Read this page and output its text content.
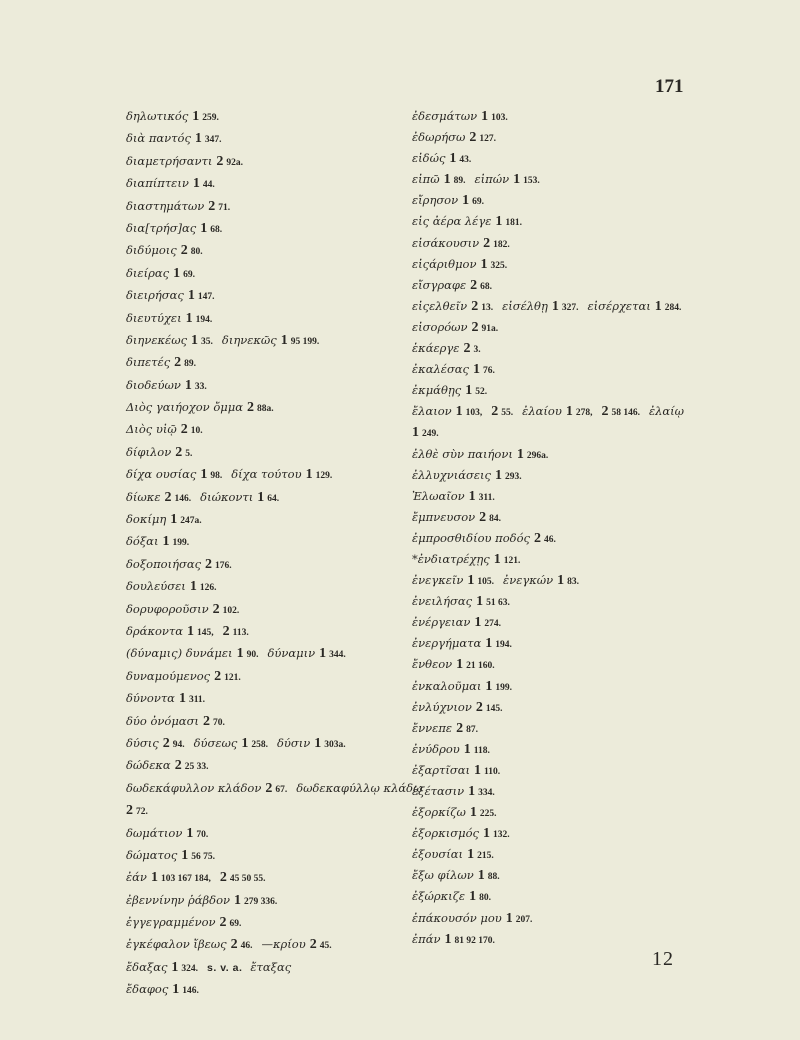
171
δηλωτικός 1 259.
διὰ παντός 1 347.
διαμετρήσαντι 2 92a.
διαπίπτειν 1 44.
διαστημάτων 2 71.
δια[τρήσ]ας 1 68.
διδύμοις 2 80.
διείρας 1 69.
διειρήσας 1 147.
διευτύχει 1 194.
διηνεκέως 1 35. διηνεκῶς 1 95 199.
διπετές 2 89.
διοδεύων 1 33.
Διὸς γαιήοχον ὄμμα 2 88a.
Διὸς υἱῷ 2 10.
δίφιλον 2 5.
δίχα ουσίας 1 98. δίχα τούτου 1 129.
δίωκε 2 146. διώκοντι 1 64.
δοκίμη 1 247a.
δόξαι 1 199.
δοξοποιήσας 2 176.
δουλεύσει 1 126.
δορυφοροῦσιν 2 102.
δράκοντα 1 145, 2 113.
(δύναμις) δυνάμει 1 90. δύναμιν 1 344.
δυναμούμενος 2 121.
δύνοντα 1 311.
δύο ὀνόμασι 2 70.
δύσις 2 94. δύσεως 1 258. δύσιν 1 303a.
δώδεκα 2 25 33.
δωδεκάφυλλον κλάδον 2 67. δωδεκαφύλλῳ κλάδῳ
2 72.
δωμάτιον 1 70.
δώματος 1 56 75.
ἐάν 1 103 167 184, 2 45 50 55.
ἐβεννίνην ῥάβδον 1 279 336.
ἐγγεγραμμένον 2 69.
ἐγκέφαλον ἴβεως 2 46. —κρίου 2 45.
ἔδαξας 1 324. s. v. a. ἔταξας
ἔδαφος 1 146.
ἐδεσμάτων 1 103.
ἐδωρήσω 2 127.
εἰδώς 1 43.
εἰπῶ 1 89. εἰπών 1 153.
εἴρησον 1 69.
εἰς ἀέρα λέγε 1 181.
εἰσάκουσιν 2 182.
εἰςάριθμον 1 325.
εἴσγραφε 2 68.
εἰςελθεῖν 2 13. εἰσέλθῃ 1 327. εἰσέρχεται 1 284.
εἰσορόων 2 91a.
ἑκάεργε 2 3.
ἐκαλέσας 1 76.
ἐκμάθῃς 1 52.
ἔλαιον 1 103, 2 55. ἐλαίου 1 278, 2 58 146. ἐλαίῳ
1 249.
ἐλθὲ σὺν παιήονι 1 296a.
ἐλλυχνιάσεις 1 293.
Ἐλωαῖον 1 311.
ἔμπνευσον 2 84.
ἐμπροσθιδίου ποδός 2 46.
*ἐνδιατρέχῃς 1 121.
ἐνεγκεῖν 1 105. ἐνεγκών 1 83.
ἐνειλήσας 1 51 63.
ἐνέργειαν 1 274.
ἐνεργήματα 1 194.
ἔνθεον 1 21 160.
ἐνκαλοῦμαι 1 199.
ἐνλύχνιον 2 145.
ἔννεπε 2 87.
ἐνύδρου 1 118.
ἐξαρτῖσαι 1 110.
ἐξέτασιν 1 334.
ἐξορκίζω 1 225.
ἐξορκισμός 1 132.
ἐξουσίαι 1 215.
ἔξω φίλων 1 88.
ἐξώρκιζε 1 80.
ἐπάκουσόν μου 1 207.
ἐπάν 1 81 92 170.
12
